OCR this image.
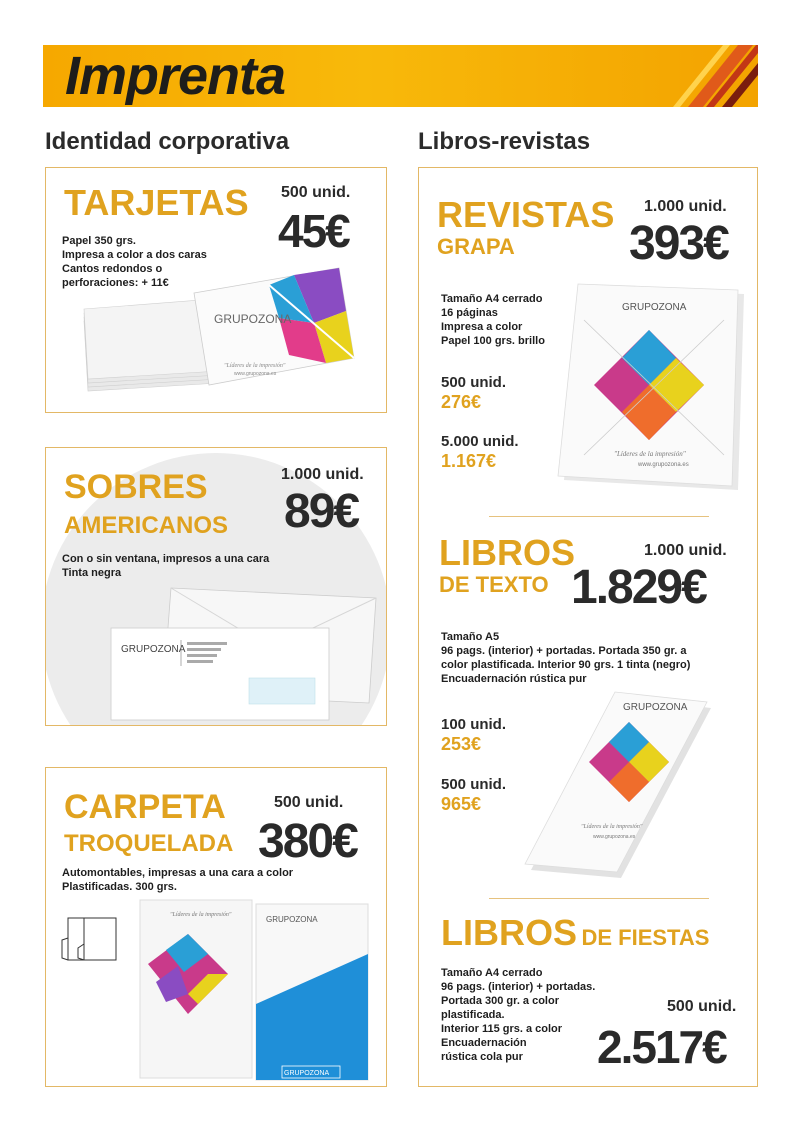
Imprenta
Identidad corporativa	Libros-revistas
TARJETAS 500 unid.
45€
Papel 350 grs.
Impresa a color a dos caras
Cantos redondos o
perforaciones: + 11€
GRUPOZONA
"Líderes de la impresión"
www.grupozona.es
SOBRES
AMERICANOS
1.000 unid.
89€
Con o sin ventana, impresos a una cara
Tinta negra
GRUPOZONA
CARPETA
TROQUELADA
500 unid.
380€
Automontables, impresas a una cara a color
Plastificadas. 300 grs.
"Líderes de la impresión"	GRUPOZONA
GRUPOZONA
REVISTAS
GRAPA
1.000 unid.
393€
Tamaño A4 cerrado
16 páginas
Impresa a color
Papel 100 grs. brillo
500 unid.
276€
5.000 unid.
1.167€
GRUPOZONA
"Líderes de la impresión"
www.grupozona.es
LIBROS
DE TEXTO
1.000 unid.
1.829€
Tamaño A5
96 pags. (interior) + portadas. Portada 350 gr. a
color plastificada. Interior 90 grs. 1 tinta (negro)
Encuadernación rústica pur
100 unid.
253€
500 unid.
965€
GRUPOZONA
"Líderes de la impresión"
www.grupozona.es
LIBROS DE FIESTAS
Tamaño A4 cerrado
96 pags. (interior) + portadas.
Portada 300 gr. a color
plastificada.
Interior 115 grs. a color
Encuadernación
rústica cola pur
500 unid.
2.517€
